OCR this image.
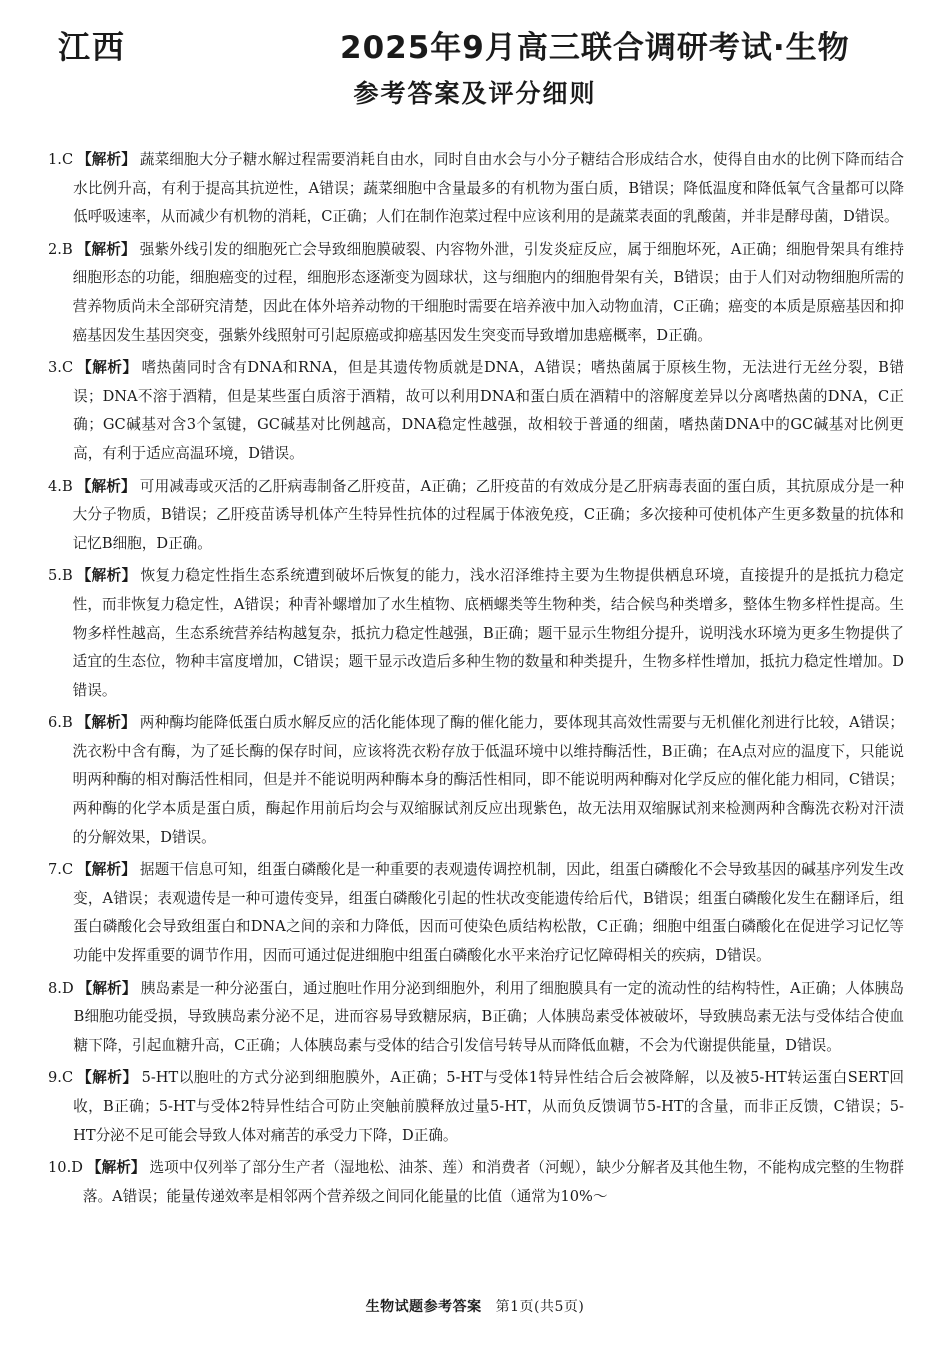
江西	2025年9月高三联合调研考试·生物
参考答案及评分细则
1.C 【解析】 蔬菜细胞大分子糖水解过程需要消耗自由水，同时自由水会与小分子糖结合形成结合水，使得自由水的比例下降而结合水比例升高，有利于提高其抗逆性，A错误；蔬菜细胞中含量最多的有机物为蛋白质，B错误；降低温度和降低氧气含量都可以降低呼吸速率，从而减少有机物的消耗，C正确；人们在制作泡菜过程中应该利用的是蔬菜表面的乳酸菌，并非是酵母菌，D错误。
2.B 【解析】 强紫外线引发的细胞死亡会导致细胞膜破裂、内容物外泄，引发炎症反应，属于细胞坏死，A正确；细胞骨架具有维持细胞形态的功能，细胞癌变的过程，细胞形态逐渐变为圆球状，这与细胞内的细胞骨架有关，B错误；由于人们对动物细胞所需的营养物质尚未全部研究清楚，因此在体外培养动物的干细胞时需要在培养液中加入动物血清，C正确；癌变的本质是原癌基因和抑癌基因发生基因突变，强紫外线照射可引起原癌或抑癌基因发生突变而导致增加患癌概率，D正确。
3.C 【解析】 嗜热菌同时含有DNA和RNA，但是其遗传物质就是DNA，A错误；嗜热菌属于原核生物，无法进行无丝分裂，B错误；DNA不溶于酒精，但是某些蛋白质溶于酒精，故可以利用DNA和蛋白质在酒精中的溶解度差异以分离嗜热菌的DNA，C正确；GC碱基对含3个氢键，GC碱基对比例越高，DNA稳定性越强，故相较于普通的细菌，嗜热菌DNA中的GC碱基对比例更高，有利于适应高温环境，D错误。
4.B 【解析】 可用减毒或灭活的乙肝病毒制备乙肝疫苗，A正确；乙肝疫苗的有效成分是乙肝病毒表面的蛋白质，其抗原成分是一种大分子物质，B错误；乙肝疫苗诱导机体产生特异性抗体的过程属于体液免疫，C正确；多次接种可使机体产生更多数量的抗体和记忆B细胞，D正确。
5.B 【解析】 恢复力稳定性指生态系统遭到破坏后恢复的能力，浅水沼泽维持主要为生物提供栖息环境，直接提升的是抵抗力稳定性，而非恢复力稳定性，A错误；种青补螺增加了水生植物、底栖螺类等生物种类，结合候鸟种类增多，整体生物多样性提高。生物多样性越高，生态系统营养结构越复杂，抵抗力稳定性越强，B正确；题干显示生物组分提升，说明浅水环境为更多生物提供了适宜的生态位，物种丰富度增加，C错误；题干显示改造后多种生物的数量和种类提升，生物多样性增加，抵抗力稳定性增加。D错误。
6.B 【解析】 两种酶均能降低蛋白质水解反应的活化能体现了酶的催化能力，要体现其高效性需要与无机催化剂进行比较，A错误；洗衣粉中含有酶，为了延长酶的保存时间，应该将洗衣粉存放于低温环境中以维持酶活性，B正确；在A点对应的温度下，只能说明两种酶的相对酶活性相同，但是并不能说明两种酶本身的酶活性相同，即不能说明两种酶对化学反应的催化能力相同，C错误；两种酶的化学本质是蛋白质，酶起作用前后均会与双缩脲试剂反应出现紫色，故无法用双缩脲试剂来检测两种含酶洗衣粉对汗渍的分解效果，D错误。
7.C 【解析】 据题干信息可知，组蛋白磷酸化是一种重要的表观遗传调控机制，因此，组蛋白磷酸化不会导致基因的碱基序列发生改变，A错误；表观遗传是一种可遗传变异，组蛋白磷酸化引起的性状改变能遗传给后代，B错误；组蛋白磷酸化发生在翻译后，组蛋白磷酸化会导致组蛋白和DNA之间的亲和力降低，因而可使染色质结构松散，C正确；细胞中组蛋白磷酸化在促进学习记忆等功能中发挥重要的调节作用，因而可通过促进细胞中组蛋白磷酸化水平来治疗记忆障碍相关的疾病，D错误。
8.D 【解析】 胰岛素是一种分泌蛋白，通过胞吐作用分泌到细胞外，利用了细胞膜具有一定的流动性的结构特性，A正确；人体胰岛B细胞功能受损，导致胰岛素分泌不足，进而容易导致糖尿病，B正确；人体胰岛素受体被破坏，导致胰岛素无法与受体结合使血糖下降，引起血糖升高，C正确；人体胰岛素与受体的结合引发信号转导从而降低血糖，不会为代谢提供能量，D错误。
9.C 【解析】 5-HT以胞吐的方式分泌到细胞膜外，A正确；5-HT与受体1特异性结合后会被降解，以及被5-HT转运蛋白SERT回收，B正确；5-HT与受体2特异性结合可防止突触前膜释放过量5-HT，从而负反馈调节5-HT的含量，而非正反馈，C错误；5-HT分泌不足可能会导致人体对痛苦的承受力下降，D正确。
10.D 【解析】 选项中仅列举了部分生产者（湿地松、油茶、莲）和消费者（河蚬），缺少分解者及其他生物，不能构成完整的生物群落。A错误；能量传递效率是相邻两个营养级之间同化能量的比值（通常为10%～
生物试题参考答案 第1页(共5页)
